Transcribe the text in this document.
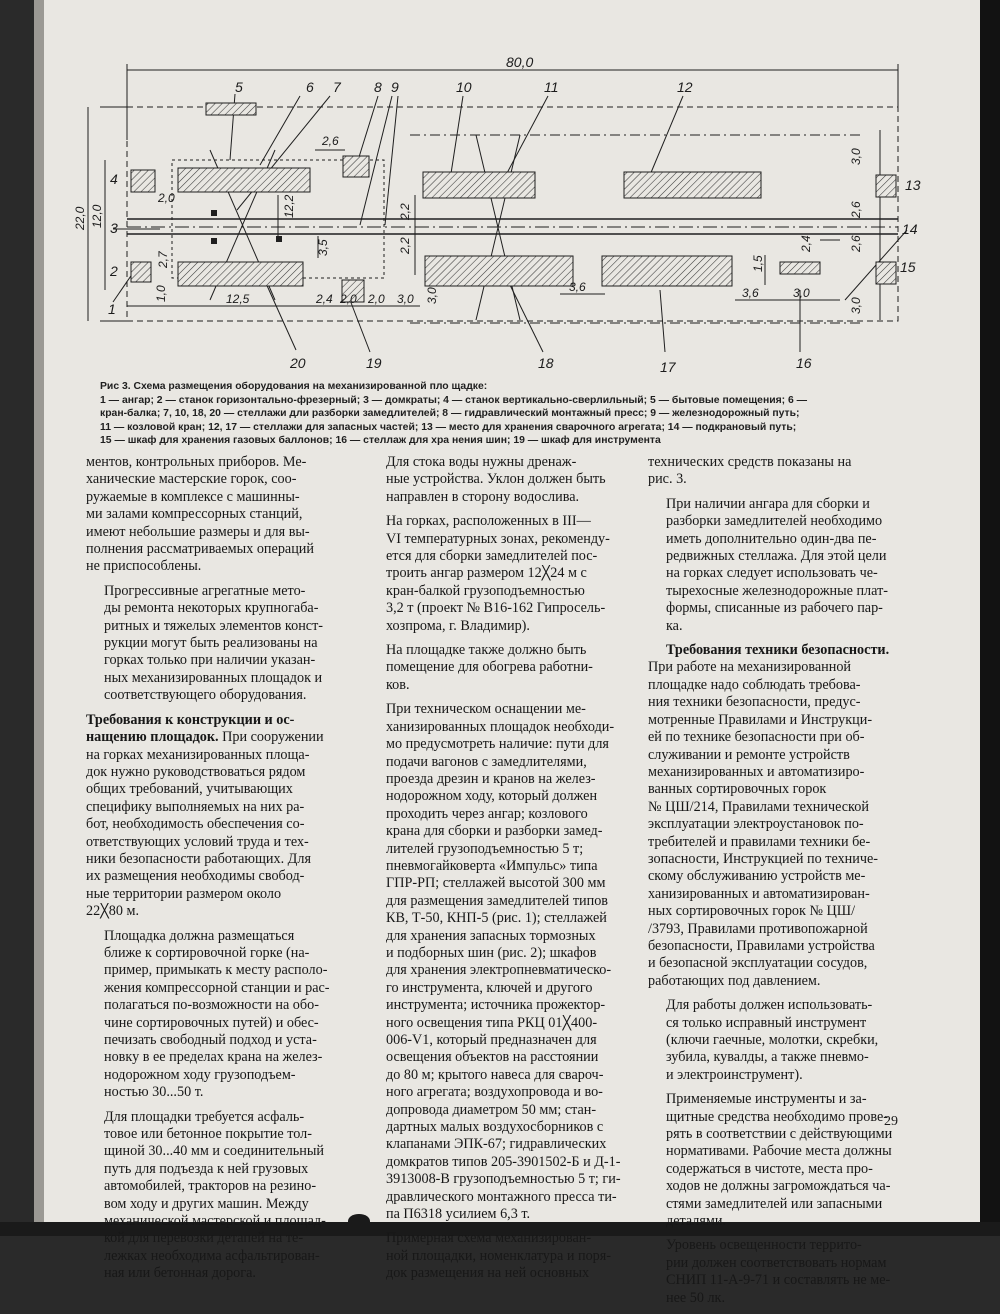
80,0
5	6 7 8 9	10	11	12
20	19	18	17	16
4
3
2
1
13
14
15
22,0 12,0
2,6
2,0	12,2
3,5
2,7
1,0	12,5	2,4 2,0 2,0 3,0
2,2
2,2
3,0
3,6
3,0
2,6
2,4	2,6
1,5
3,6	3,0
3,0
Рис 3. Схема размещения оборудования на механизированной пло щадке:
1 — ангар; 2 — станок горизонтально-фрезерный; 3 — домкраты; 4 — станок вертикально-сверлильный; 5 — бытовые помещения; 6 —
кран-балка; 7, 10, 18, 20 — стеллажи дли разборки замедлителей; 8 — гидравлический монтажный пресс; 9 — железнодорожный путь;
11 — козловой кран; 12, 17 — стеллажи для запасных частей; 13 — место для хранения сварочного агрегата; 14 — подкрановый путь;
15 — шкаф для хранения газовых баллонов; 16 — стеллаж для хра нения шин; 19 — шкаф для инструмента

ментов, контрольных приборов. Ме-
ханические мастерские горок, соо-
ружаемые в комплексе с машинны-
ми залами компрессорных станций,
имеют небольшие размеры и для вы-
полнения рассматриваемых операций
не приспособлены.

Прогрессивные агрегатные мето-
ды ремонта некоторых крупногаба-
ритных и тяжелых элементов конст-
рукции могут быть реализованы на
горках только при наличии указан-
ных механизированных площадок и
соответствующего оборудования.

Требования к конструкции и ос-
нащению площадок. При сооружении
на горках механизированных площа-
док нужно руководствоваться рядом
общих требований, учитывающих
специфику выполняемых на них ра-
бот, необходимость обеспечения со-
ответствующих условий труда и тех-
ники безопасности работающих. Для
их размещения необходимы свобод-
ные территории размером около
22╳80 м.

Площадка должна размещаться
ближе к сортировочной горке (на-
пример, примыкать к месту располо-
жения компрессорной станции и рас-
полагаться по-возможности на обо-
чине сортировочных путей) и обес-
печизать свободный подход и уста-
новку в ее пределах крана на желез-
нодорожном ходу грузоподъем-
ностью 30...50 т.

Для площадки требуется асфаль-
товое или бетонное покрытие тол-
щиной 30...40 мм и соединительный
путь для подъезда к ней грузовых
автомобилей, тракторов на резино-
вом ходу и других машин. Между
механической мастерской и площад-
кой для перевозки детапей на те-
лежках необходима асфальтирован-
ная или бетонная дорога.

Для стока воды нужны дренаж-
ные устройства. Уклон должен быть
направлен в сторону водослива.

На горках, расположенных в III—
VI температурных зонах, рекоменду-
ется для сборки замедлителей пос-
троить ангар размером 12╳24 м с
кран-балкой грузоподъемностью
3,2 т (проект № В16-162 Гипросель-
хозпрома, г. Владимир).

На площадке также должно быть
помещение для обогрева работни-
ков.

При техническом оснащении ме-
ханизированных площадок необходи-
мо предусмотреть наличие: пути для
подачи вагонов с замедлителями,
проезда дрезин и кранов на желез-
нодорожном ходу, который должен
проходить через ангар; козлового
крана для сборки и разборки замед-
лителей грузоподъемностью 5 т;
пневмогайковерта «Импульс» типа
ГПР-РП; стеллажей высотой 300 мм
для размещения замедлителей типов
КВ, Т-50, КНП-5 (рис. 1); стеллажей
для хранения запасных тормозных
и подборных шин (рис. 2); шкафов
для хранения электропневматическо-
го инструмента, ключей и другого
инструмента; источника прожектор-
ного освещения типа РКЦ 01╳400-
006-V1, который предназначен для
освещения объектов на расстоянии
до 80 м; крытого навеса для свароч-
ного агрегата; воздухопровода и во-
допровода диаметром 50 мм; стан-
дартных малых воздухосборников с
клапанами ЭПК-67; гидравлических
домкратов типов 205-3901502-Б и Д-1-
3913008-В грузоподъемностью 5 т; ги-
дравлического монтажного пресса ти-
па П6318 усилием 6,3 т.

Примерная схема механизирован-
ной площадки, номенклатура и поря-
док размещения на ней основных

технических средств показаны на
рис. 3.

При наличии ангара для сборки и
разборки замедлителей необходимо
иметь дополнительно один-два пе-
редвижных стеллажа. Для этой цели
на горках следует использовать че-
тырехосные железнодорожные плат-
формы, списанные из рабочего пар-
ка.

Требования техники безопасности.
При работе на механизированной
площадке надо соблюдать требова-
ния техники безопасности, предус-
мотренные Правилами и Инструкци-
ей по технике безопасности при об-
служивании и ремонте устройств
механизированных и автоматизиро-
ванных сортировочных горок
№ ЦШ/214, Правилами технической
эксплуатации электроустановок по-
требителей и правилами техники бе-
зопасности, Инструкцией по техниче-
скому обслуживанию устройств ме-
ханизированных и автоматизирован-
ных сортировочных горок № ЦШ/
/3793, Правилами противопожарной
безопасности, Правилами устройства
и безопасной эксплуатации сосудов,
работающих под давлением.

Для работы должен использовать-
ся только исправный инструмент
(ключи гаечные, молотки, скребки,
зубила, кувалды, а также пневмо-
и электроинструмент).

Применяемые инструменты и за-
щитные средства необходимо прове-
рять в соответствии с действующими
нормативами. Рабочие места должны
содержаться в чистоте, места про-
ходов не должны загромождаться ча-
стями замедлителей или запасными
деталями.

Уровень освещенности террито-
рии должен соответствовать нормам
СНИП 11-А-9-71 и составлять не ме-
нее 50 лк.

29
